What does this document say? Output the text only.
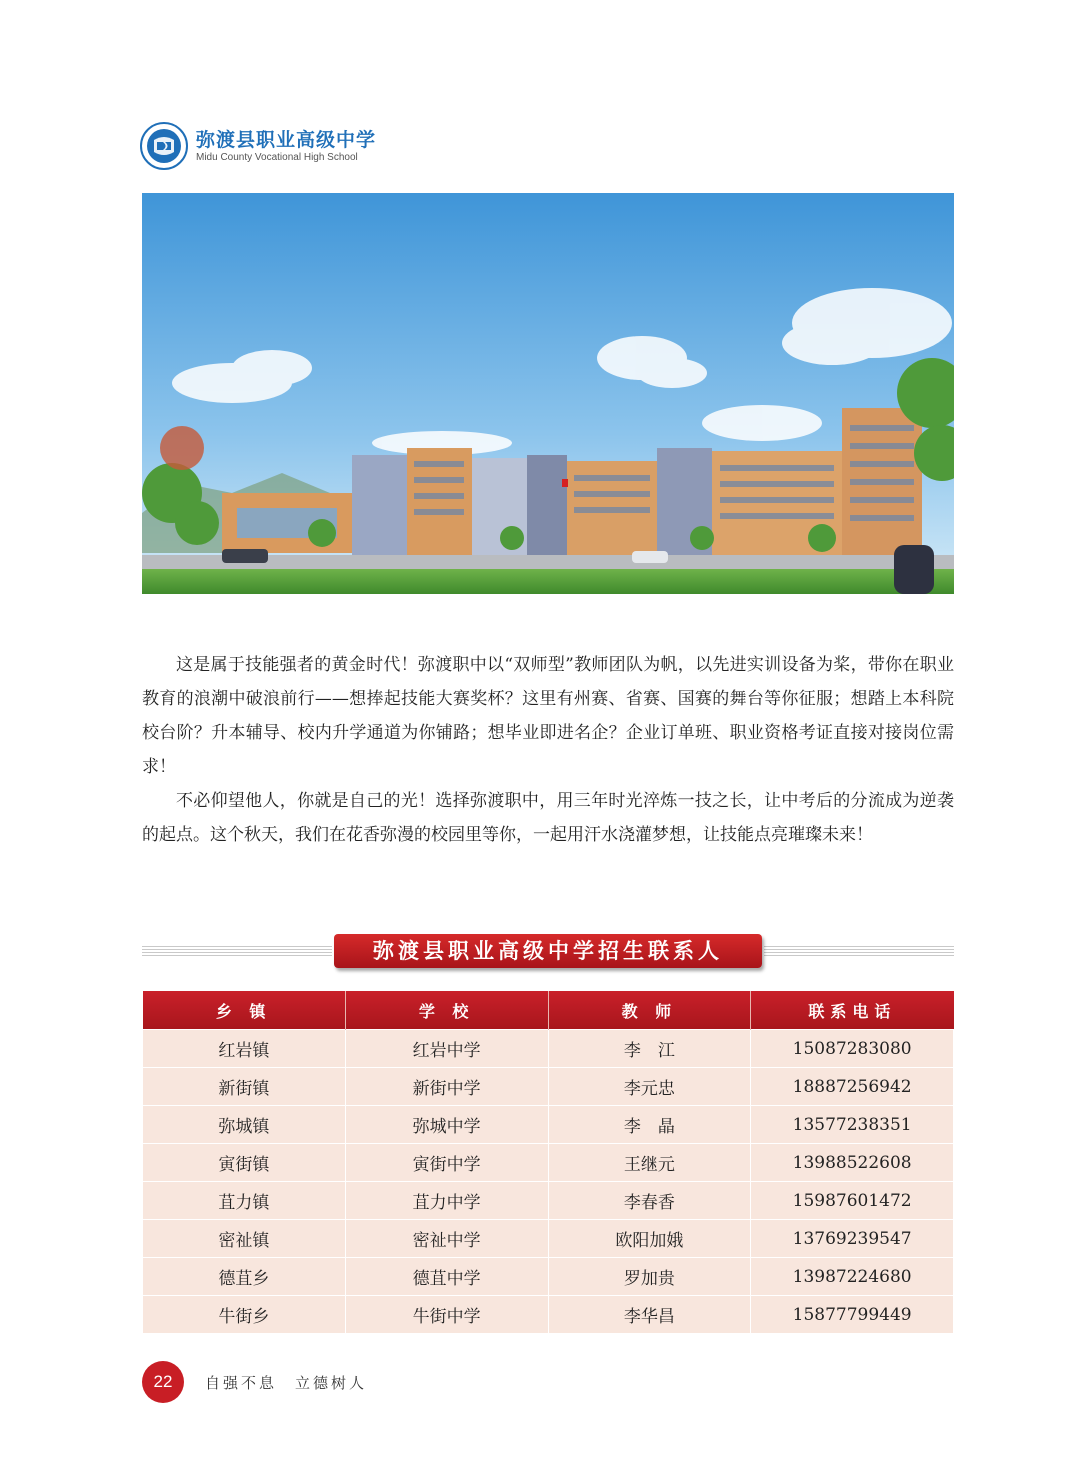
弥渡县职业高级中学
Midu County Vocational High School

这是属于技能强者的黄金时代！弥渡职中以“双师型”教师团队为帆，以先进实训设备为桨，带你在职业教育的浪潮中破浪前行——想捧起技能大赛奖杯？这里有州赛、省赛、国赛的舞台等你征服；想踏上本科院校台阶？升本辅导、校内升学通道为你铺路；想毕业即进名企？企业订单班、职业资格考证直接对接岗位需求！

不必仰望他人，你就是自己的光！选择弥渡职中，用三年时光淬炼一技之长，让中考后的分流成为逆袭的起点。这个秋天，我们在花香弥漫的校园里等你，一起用汗水浇灌梦想，让技能点亮璀璨未来！

弥渡县职业高级中学招生联系人
乡 镇	学 校	教 师	联系电话
红岩镇	红岩中学	李　江	15087283080
新街镇	新街中学	李元忠	18887256942
弥城镇	弥城中学	李　晶	13577238351
寅街镇	寅街中学	王继元	13988522608
苴力镇	苴力中学	李春香	15987601472
密祉镇	密祉中学	欧阳加娥	13769239547
德苴乡	德苴中学	罗加贵	13987224680
牛街乡	牛街中学	李华昌	15877799449
22	自强不息　立德树人
